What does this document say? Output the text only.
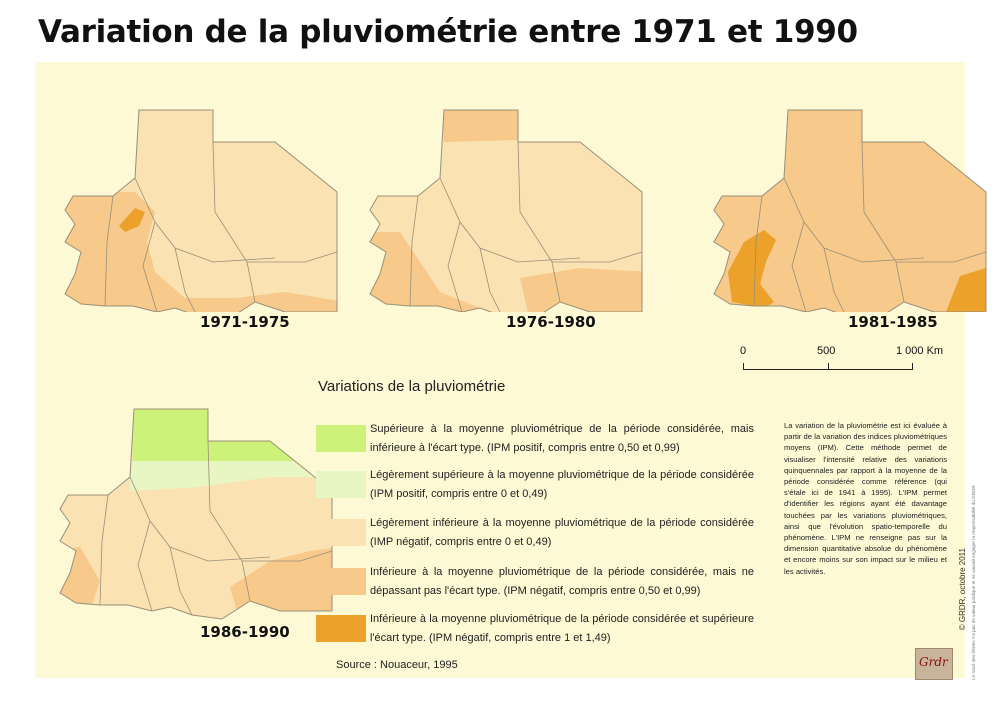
Variation de la pluviométrie entre 1971 et 1990
1971-1975	1976-1980	1981-1985
1986-1990
0	500	1 000 Km
Variations de la pluviométrie
Supérieure à la moyenne pluviométrique de la période considérée, mais inférieure à l'écart type. (IPM positif, compris entre 0,50 et 0,99)
Légèrement supérieure à la moyenne pluviométrique de la période considérée (IPM positif, compris entre 0 et 0,49)
Légèrement inférieure à la moyenne pluviométrique de la période considérée (IMP négatif, compris entre 0 et 0,49)
Inférieure à la moyenne pluviométrique de la période considérée, mais ne dépassant pas l'écart type. (IPM négatif, compris entre 0,50 et 0,99)
Inférieure à la moyenne pluviométrique de la période considérée et supérieure l'écart type. (IPM négatif, compris entre 1 et 1,49)
La variation de la pluviométrie est ici évaluée à partir de la variation des indices pluviométriques moyens (IPM). Cette méthode permet de visualiser l'intensité relative des variations quinquennales par rapport à la moyenne de la période considérée comme référence (qui s'étale ici de 1941 à 1995). L'IPM permet d'identifier les régions ayant été davantage touchées par les variations pluviométriques, ainsi que l'évolution spatio-temporelle du phénomène. L'IPM ne renseigne pas sur la dimension quantitative absolue du phénomène et encore moins sur son impact sur le milieu et les activités.
Source : Nouaceur, 1995	Le tracé des limites n'a pas de valeur juridique et ne saurait engager la responsabilité du GRDR
© GRDR, octobre 2011
Grdr
